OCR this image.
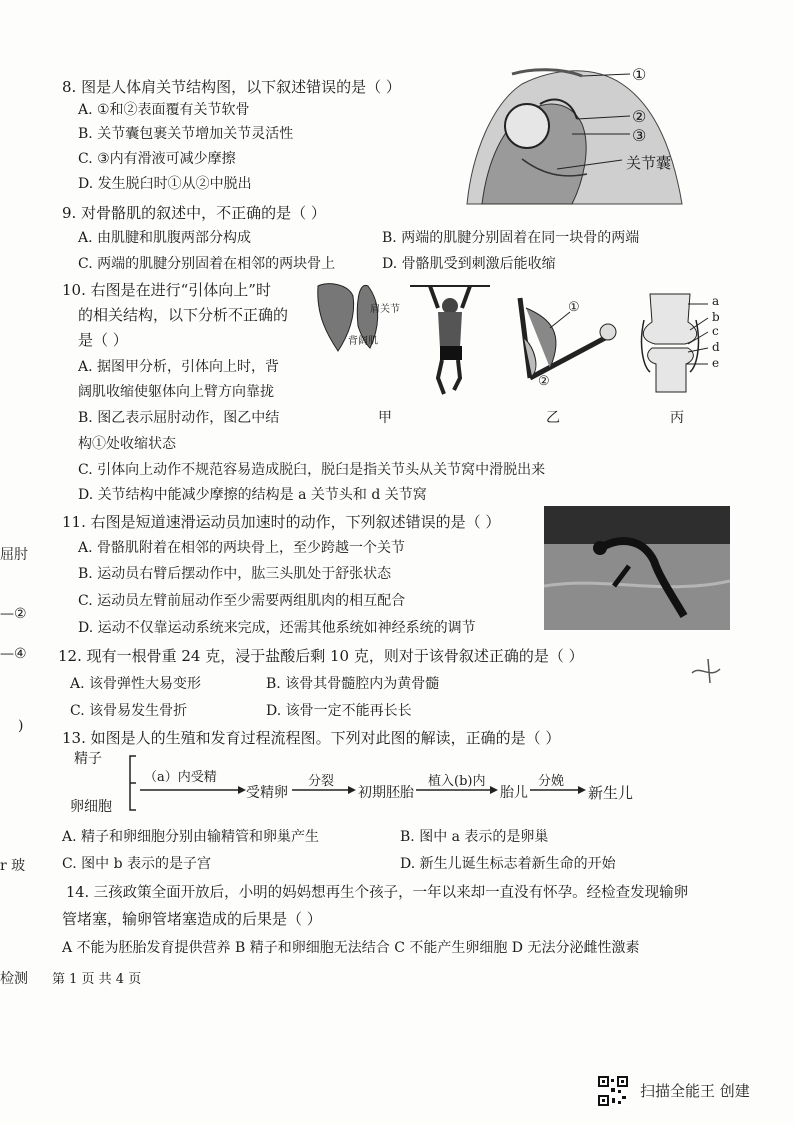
屈肘
—②
—④
)
r 玻
检测
8. 图是人体肩关节结构图，以下叙述错误的是（ ）
A. ①和②表面覆有关节软骨
B. 关节囊包裹关节增加关节灵活性
C. ③内有滑液可减少摩擦
D. 发生脱臼时①从②中脱出
①
②
③
关节囊
9. 对骨骼肌的叙述中，不正确的是（ ）
A. 由肌腱和肌腹两部分构成	B. 两端的肌腱分别固着在同一块骨的两端
C. 两端的肌腱分别固着在相邻的两块骨上	D. 骨骼肌受到刺激后能收缩
10. 右图是在进行“引体向上”时
的相关结构，以下分析不正确的
是（ ）
A. 据图甲分析，引体向上时，背
阔肌收缩使躯体向上臂方向靠拢
B. 图乙表示屈肘动作，图乙中结
构①处收缩状态
C. 引体向上动作不规范容易造成脱臼，脱臼是指关节头从关节窝中滑脱出来
D. 关节结构中能减少摩擦的结构是 a 关节头和 d 关节窝
肩关节
背阔肌
①
②
a
b
c
d
e
甲	乙	丙
11. 右图是短道速滑运动员加速时的动作，下列叙述错误的是（ ）
A. 骨骼肌附着在相邻的两块骨上，至少跨越一个关节
B. 运动员右臂后摆动作中，肱三头肌处于舒张状态
C. 运动员左臂前屈动作至少需要两组肌肉的相互配合
D. 运动不仅靠运动系统来完成，还需其他系统如神经系统的调节
12. 现有一根骨重 24 克，浸于盐酸后剩 10 克，则对于该骨叙述正确的是（ ）
A. 该骨弹性大易变形	B. 该骨其骨髓腔内为黄骨髓
C. 该骨易发生骨折	D. 该骨一定不能再长长
13. 如图是人的生殖和发育过程流程图。下列对此图的解读，正确的是（ ）
精子
卵细胞
（a）内受精
受精卵
分裂
初期胚胎
植入(b)内
胎儿
分娩
新生儿
A. 精子和卵细胞分别由输精管和卵巢产生	B. 图中 a 表示的是卵巢
C. 图中 b 表示的是子宫	D. 新生儿诞生标志着新生命的开始
14. 三孩政策全面开放后，小明的妈妈想再生个孩子，一年以来却一直没有怀孕。经检查发现输卵
管堵塞，输卵管堵塞造成的后果是（ ）
A 不能为胚胎发育提供营养 B 精子和卵细胞无法结合 C 不能产生卵细胞 D 无法分泌雌性激素
第 1 页 共 4 页
扫描全能王 创建
